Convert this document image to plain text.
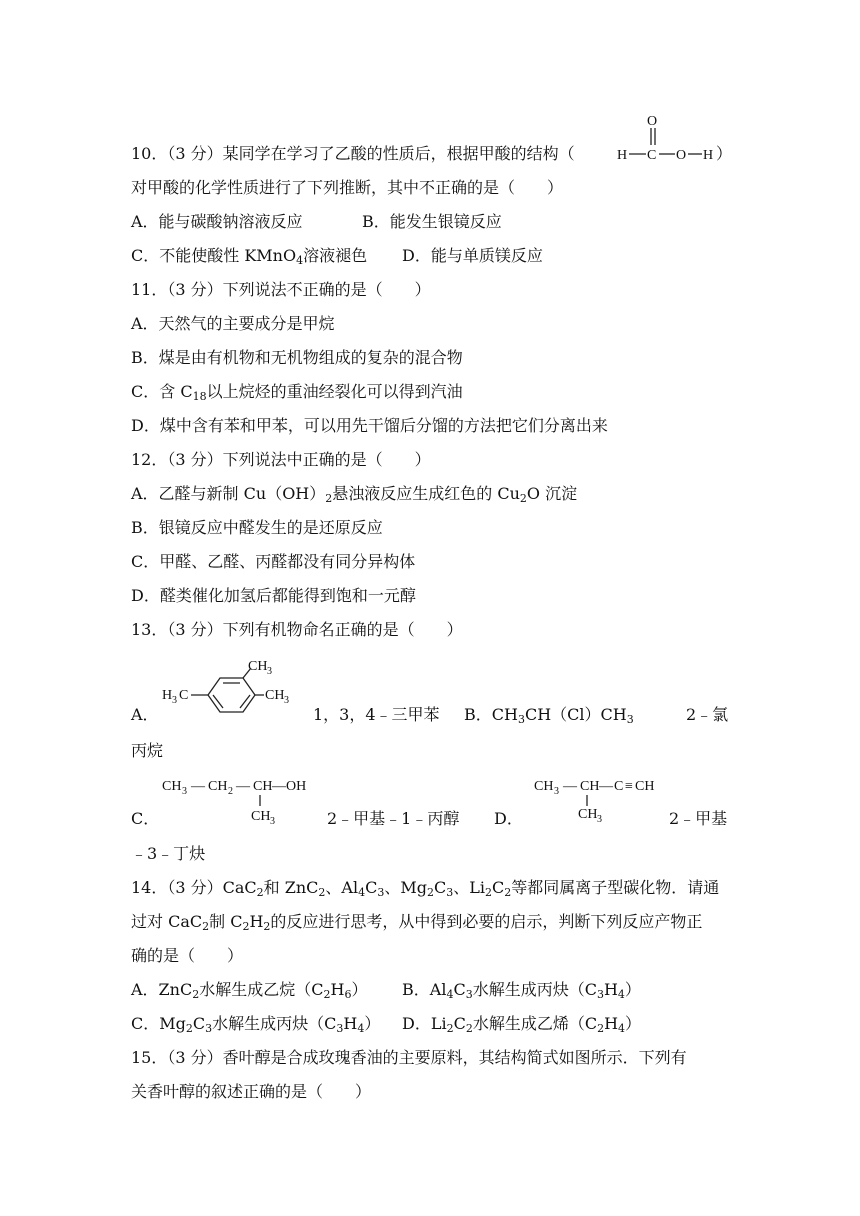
10．（3 分）某同学在学习了乙酸的性质后，根据甲酸的结构（
O
H C O H ）
对甲酸的化学性质进行了下列推断，其中不正确的是（　　）
A．能与碳酸钠溶液反应	B．能发生银镜反应
C．不能使酸性 KMnO$_4$溶液褪色 D．能与单质镁反应
11．（3 分）下列说法不正确的是（　　）
A．天然气的主要成分是甲烷
B．煤是由有机物和无机物组成的复杂的混合物
C．含 $C_{18}$以上烷烃的重油经裂化可以得到汽油
D．煤中含有苯和甲苯，可以用先干馏后分馏的方法把它们分离出来
12．（3 分）下列说法中正确的是（　　）
A．乙醛与新制 $Cu(OH)_2$悬浊液反应生成红色的 $Cu_2O$ 沉淀
B．银镜反应中醛发生的是还原反应
C．甲醛、乙醛、丙醛都没有同分异构体
D．醛类催化加氢后都能得到饱和一元醇
13．（3 分）下列有机物命名正确的是（　　）
A．
CH 3
H 3 C	CH 3
1，3，4﹣三甲苯 B．$CH_3CH(Cl)CH_3$	2﹣氯
丙烷
C．
CH 3 — CH 2 — CH — OH
CH 3	2﹣甲基﹣1﹣丙醇 D．
CH 3 — CH — C ≡ CH
CH 3	2﹣甲基
﹣3﹣丁炔
14．（3 分）CaC$_2$和 ZnC$_2$、$Al_4C_3$、$Mg_2C_3$、$Li_2C_2$等都同属离子型碳化物．请通
过对 CaC$_2$制 $C_2H_2$的反应进行思考，从中得到必要的启示，判断下列反应产物正
确的是（　　）
A．ZnC$_2$水解生成乙烷$(C_2H_6)$ B．$Al_4C_3$水解生成丙炔$(C_3H_4)$
C．$Mg_2C_3$水解生成丙炔$(C_3H_4)$ D．$Li_2C_2$水解生成乙烯$(C_2H_4)$
15．（3 分）香叶醇是合成玫瑰香油的主要原料，其结构简式如图所示．下列有
关香叶醇的叙述正确的是（　　）
